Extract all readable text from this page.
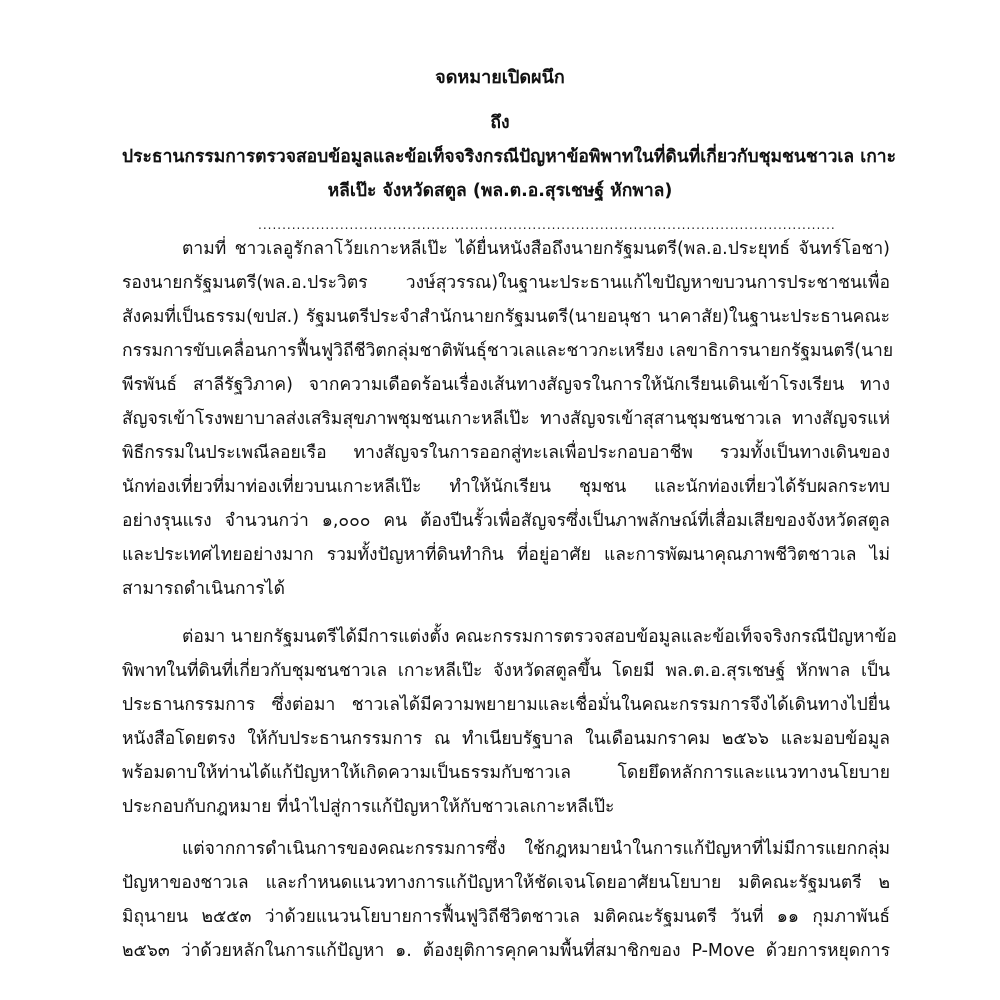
จดหมายเปิดผนึก
ถึง
ประธานกรรมการตรวจสอบข้อมูลและข้อเท็จจริงกรณีปัญหาข้อพิพาทในที่ดินที่เกี่ยวกับชุมชนชาวเล เกาะ
หลีเป๊ะ จังหวัดสตูล (พล.ต.อ.สุรเชษฐ์ หักพาล)
........................................................................................................................
ตามที่ ชาวเลอูรักลาโว้ยเกาะหลีเป๊ะ ได้ยื่นหนังสือถึงนายกรัฐมนตรี(พล.อ.ประยุทธ์ จันทร์โอชา)
รองนายกรัฐมนตรี(พล.อ.ประวิตร วงษ์สุวรรณ)ในฐานะประธานแก้ไขปัญหาขบวนการประชาชนเพื่อ
สังคมที่เป็นธรรม(ขปส.) รัฐมนตรีประจำสำนักนายกรัฐมนตรี(นายอนุชา นาคาสัย)ในฐานะประธานคณะ
กรรมการขับเคลื่อนการฟื้นฟูวิถีชีวิตกลุ่มชาติพันธุ์ชาวเลและชาวกะเหรียง เลขาธิการนายกรัฐมนตรี(นาย
พีรพันธ์ สาลีรัฐวิภาค) จากความเดือดร้อนเรื่องเส้นทางสัญจรในการให้นักเรียนเดินเข้าโรงเรียน ทาง
สัญจรเข้าโรงพยาบาลส่งเสริมสุขภาพชุมชนเกาะหลีเป๊ะ ทางสัญจรเข้าสุสานชุมชนชาวเล ทางสัญจรแห่
พิธีกรรมในประเพณีลอยเรือ ทางสัญจรในการออกสู่ทะเลเพื่อประกอบอาชีพ รวมทั้งเป็นทางเดินของ
นักท่องเที่ยวที่มาท่องเที่ยวบนเกาะหลีเป๊ะ ทำให้นักเรียน ชุมชน และนักท่องเที่ยวได้รับผลกระทบ
อย่างรุนแรง จำนวนกว่า ๑,๐๐๐ คน ต้องปีนรั้วเพื่อสัญจรซึ่งเป็นภาพลักษณ์ที่เสื่อมเสียของจังหวัดสตูล
และประเทศไทยอย่างมาก รวมทั้งปัญหาที่ดินทำกิน ที่อยู่อาศัย และการพัฒนาคุณภาพชีวิตชาวเล ไม่
สามารถดำเนินการได้
ต่อมา นายกรัฐมนตรีได้มีการแต่งตั้ง คณะกรรมการตรวจสอบข้อมูลและข้อเท็จจริงกรณีปัญหาข้อ
พิพาทในที่ดินที่เกี่ยวกับชุมชนชาวเล เกาะหลีเป๊ะ จังหวัดสตูลขึ้น โดยมี พล.ต.อ.สุรเชษฐ์ หักพาล เป็น
ประธานกรรมการ ซึ่งต่อมา ชาวเลได้มีความพยายามและเชื่อมั่นในคณะกรรมการจึงได้เดินทางไปยื่น
หนังสือโดยตรง ให้กับประธานกรรมการ ณ ทำเนียบรัฐบาล ในเดือนมกราคม ๒๕๖๖ และมอบข้อมูล
พร้อมดาบให้ท่านได้แก้ปัญหาให้เกิดความเป็นธรรมกับชาวเล โดยยึดหลักการและแนวทางนโยบาย
ประกอบกับกฎหมาย ที่นำไปสู่การแก้ปัญหาให้กับชาวเลเกาะหลีเป๊ะ
แต่จากการดำเนินการของคณะกรรมการซึ่ง ใช้กฎหมายนำในการแก้ปัญหาที่ไม่มีการแยกกลุ่ม
ปัญหาของชาวเล และกำหนดแนวทางการแก้ปัญหาให้ชัดเจนโดยอาศัยนโยบาย มติคณะรัฐมนตรี ๒
มิถุนายน ๒๕๕๓ ว่าด้วยแนวนโยบายการฟื้นฟูวิถีชีวิตชาวเล มติคณะรัฐมนตรี วันที่ ๑๑ กุมภาพันธ์
๒๕๖๓ ว่าด้วยหลักในการแก้ปัญหา ๑. ต้องยุติการคุกคามพื้นที่สมาชิกของ P-Move ด้วยการหยุดการ
